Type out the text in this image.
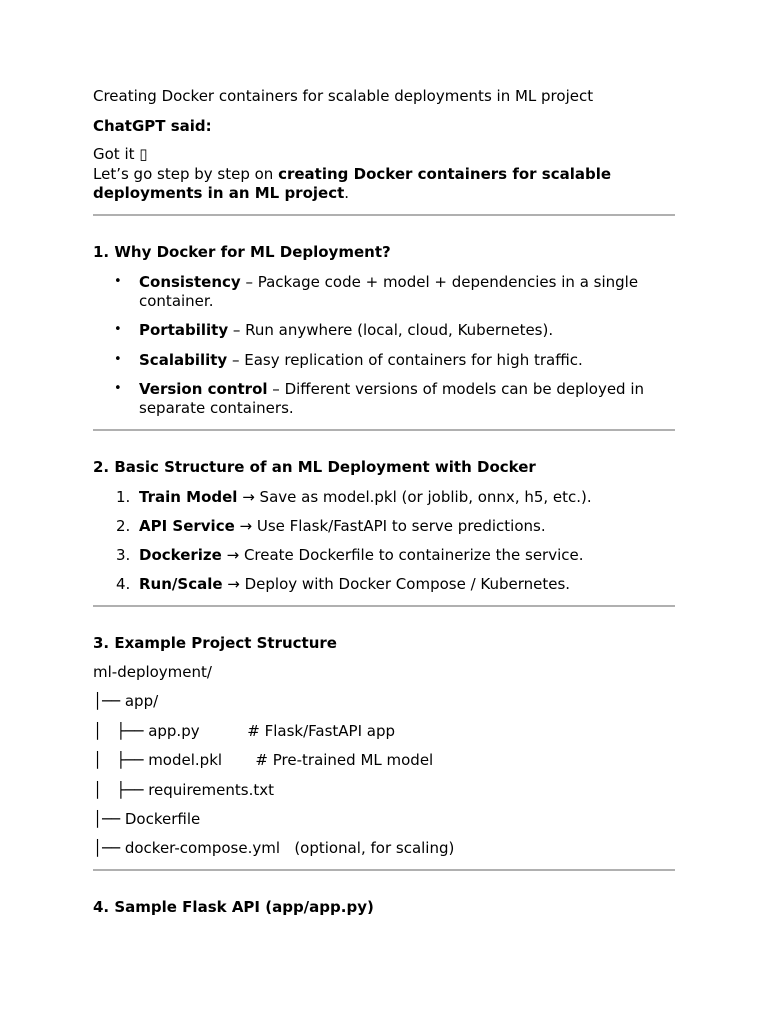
Creating Docker containers for scalable deployments in ML project
ChatGPT said:
Got it ▯
Let’s go step by step on creating Docker containers for scalable
deployments in an ML project.
1. Why Docker for ML Deployment?
• Consistency – Package code + model + dependencies in a single
container.
• Portability – Run anywhere (local, cloud, Kubernetes).
• Scalability – Easy replication of containers for high traffic.
• Version control – Different versions of models can be deployed in
separate containers.
2. Basic Structure of an ML Deployment with Docker
1. Train Model → Save as model.pkl (or joblib, onnx, h5, etc.).
2. API Service → Use Flask/FastAPI to serve predictions.
3. Dockerize → Create Dockerfile to containerize the service.
4. Run/Scale → Deploy with Docker Compose / Kubernetes.
3. Example Project Structure
ml-deployment/
│── app/
│   ├── app.py          # Flask/FastAPI app
│   ├── model.pkl       # Pre-trained ML model
│   ├── requirements.txt
│── Dockerfile
│── docker-compose.yml   (optional, for scaling)
4. Sample Flask API (app/app.py)
